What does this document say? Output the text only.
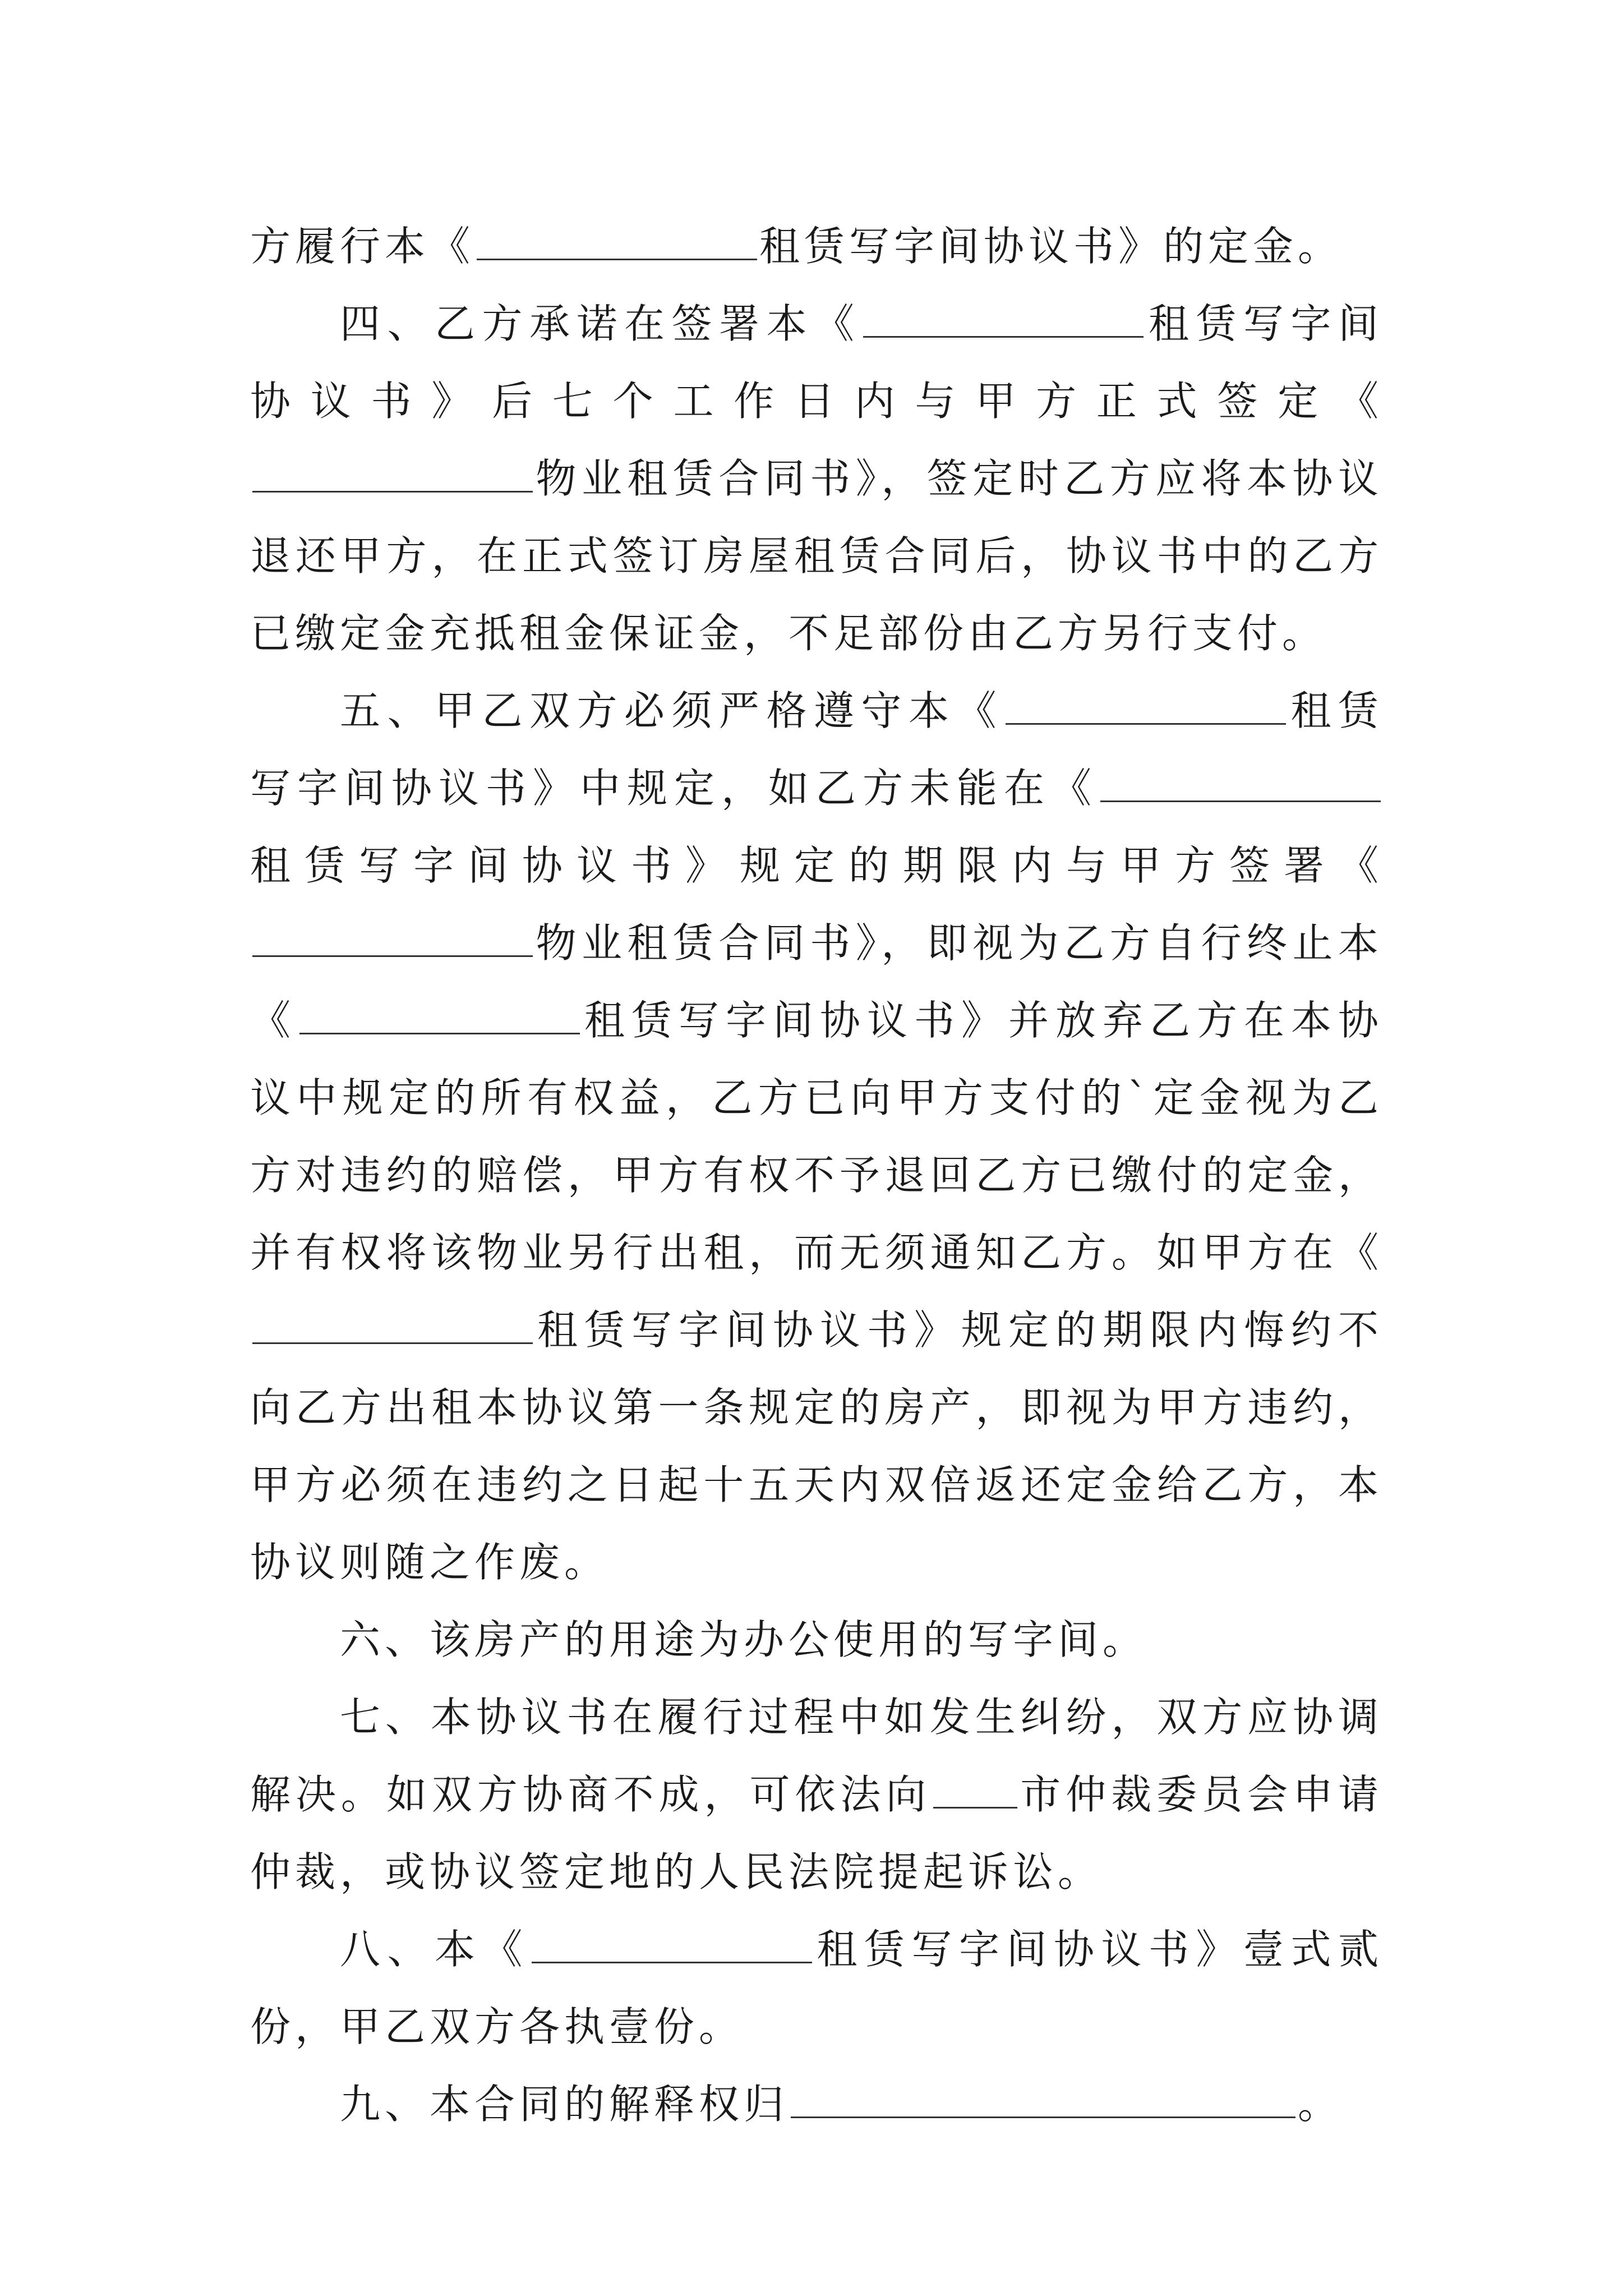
方履行本《	租赁写字间协议书》的定金。

四、乙方承诺在签署本《	租赁写字间协议书》后七个工作日内与甲方正式签定《物业租赁合同书》，签定时乙方应将本协议退还甲方，在正式签订房屋租赁合同后，协议书中的乙方已缴定金充抵租金保证金，不足部份由乙方另行支付。

五、甲乙双方必须严格遵守本《	租赁写字间协议书》中规定，如乙方未能在《租赁写字间协议书》规定的期限内与甲方签署《物业租赁合同书》，即视为乙方自行终止本《	租赁写字间协议书》并放弃乙方在本协议中规定的所有权益，乙方已向甲方支付的`定金视为乙方对违约的赔偿，甲方有权不予退回乙方已缴付的定金，并有权将该物业另行出租，而无须通知乙方。如甲方在《租赁写字间协议书》规定的期限内悔约不向乙方出租本协议第一条规定的房产，即视为甲方违约，甲方必须在违约之日起十五天内双倍返还定金给乙方，本协议则随之作废。

六、该房产的用途为办公使用的写字间。

七、本协议书在履行过程中如发生纠纷，双方应协调解决。如双方协商不成，可依法向 市仲裁委员会申请仲裁，或协议签定地的人民法院提起诉讼。

八、本《	租赁写字间协议书》壹式贰份，甲乙双方各执壹份。

九、本合同的解释权归	。
